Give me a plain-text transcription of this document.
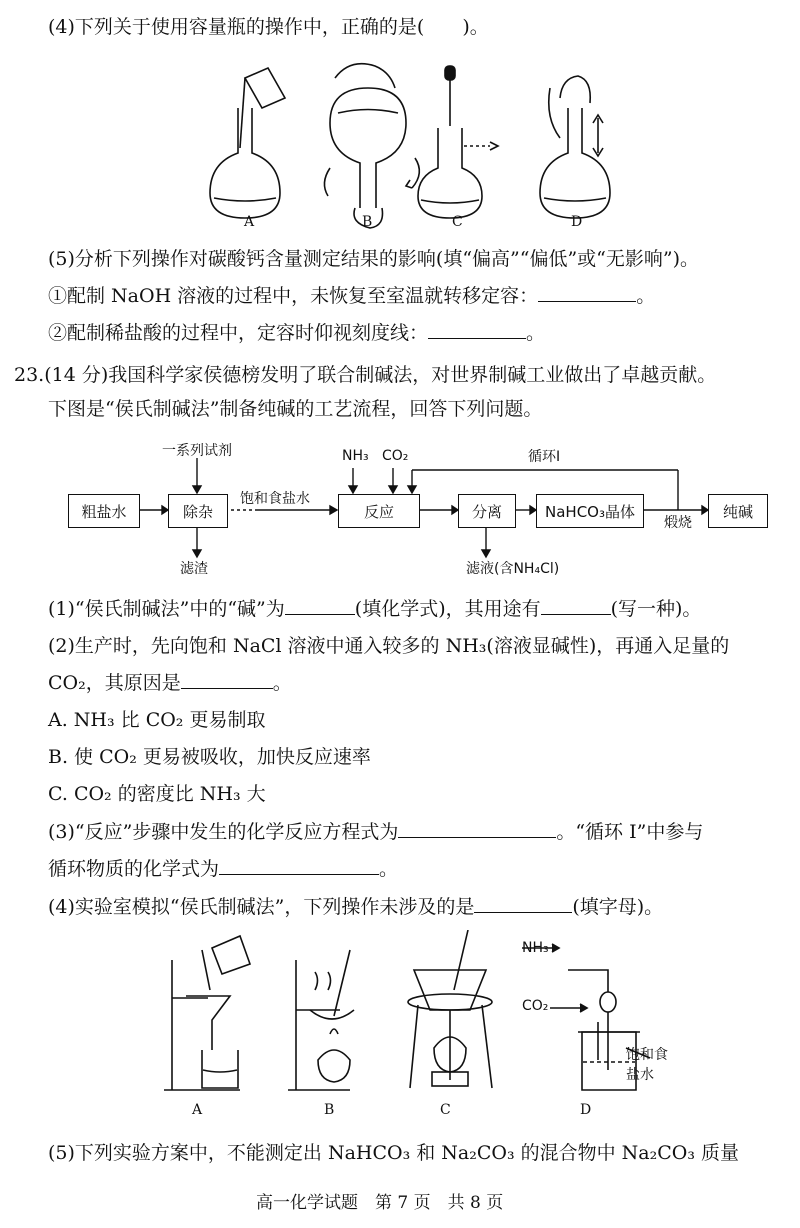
(4)下列关于使用容量瓶的操作中，正确的是(　　)。
A	B	C	D
(5)分析下列操作对碳酸钙含量测定结果的影响(填“偏高”“偏低”或“无影响”)。
①配制 NaOH 溶液的过程中，未恢复至室温就转移定容：	。
②配制稀盐酸的过程中，定容时仰视刻度线：	。
23.(14 分)我国科学家侯德榜发明了联合制碱法，对世界制碱工业做出了卓越贡献。
下图是“侯氏制碱法”制备纯碱的工艺流程，回答下列问题。
粗盐水	除杂	反应	分离	NaHCO₃晶体	纯碱
一系列试剂
饱和食盐水
NH₃ CO₂	循环I
滤渣	滤液(含NH₄Cl)
煅烧
(1)“侯氏制碱法”中的“碱”为	(填化学式)，其用途有	(写一种)。
(2)生产时，先向饱和 NaCl 溶液中通入较多的 NH₃(溶液显碱性)，再通入足量的
CO₂，其原因是	。
A. NH₃ 比 CO₂ 更易制取
B. 使 CO₂ 更易被吸收，加快反应速率
C. CO₂ 的密度比 NH₃ 大
(3)“反应”步骤中发生的化学反应方程式为	。“循环 I”中参与
循环物质的化学式为	。
(4)实验室模拟“侯氏制碱法”，下列操作未涉及的是	(填字母)。
A	B	C	D
NH₃
CO₂
饱和食
盐水
(5)下列实验方案中，不能测定出 NaHCO₃ 和 Na₂CO₃ 的混合物中 Na₂CO₃ 质量
高一化学试题　第 7 页　共 8 页
